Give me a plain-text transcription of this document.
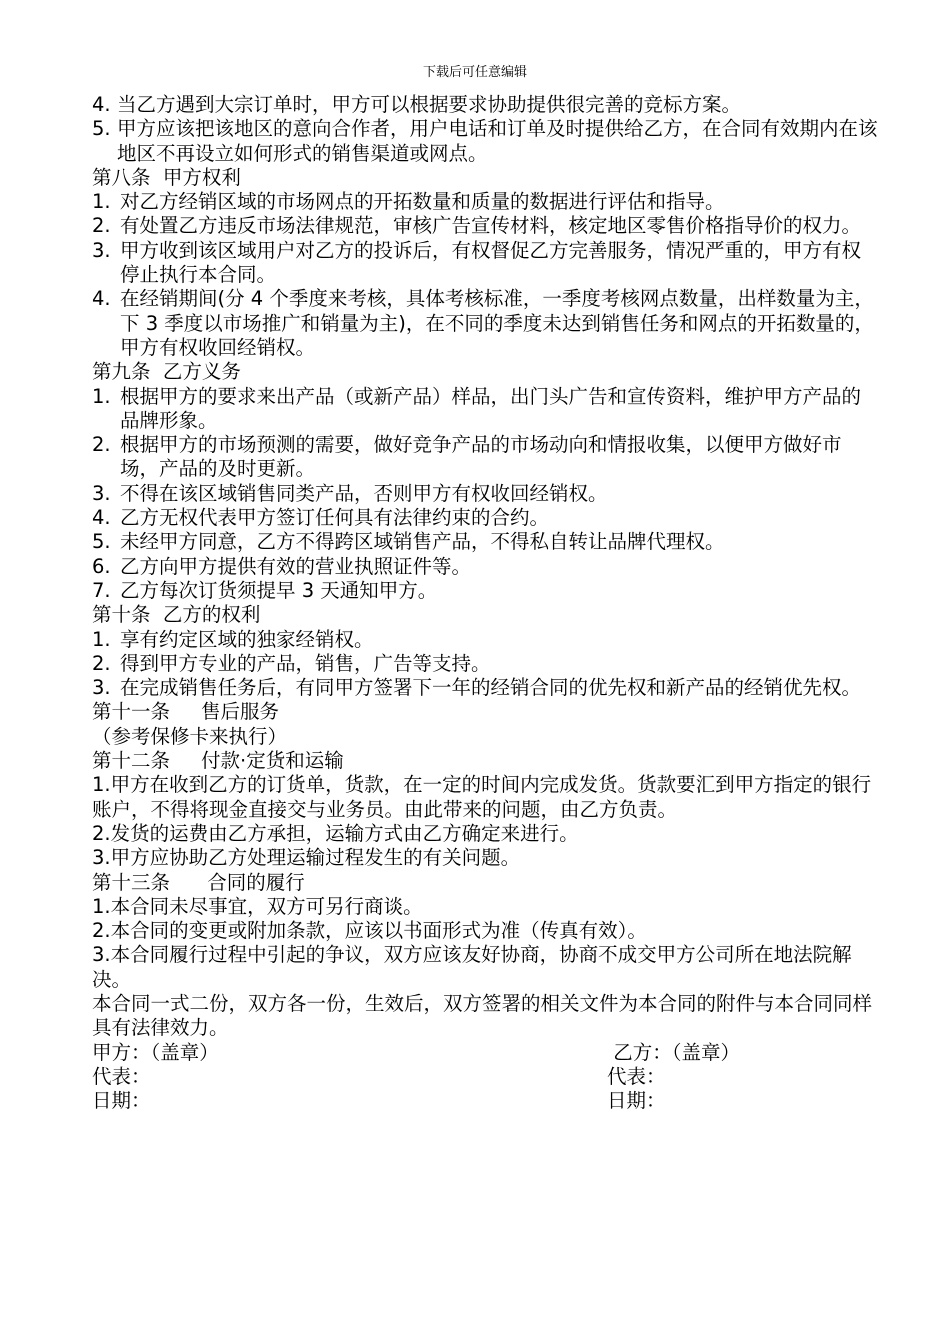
下载后可任意编辑
4. 当乙方遇到大宗订单时，甲方可以根据要求协助提供很完善的竞标方案。
5. 甲方应该把该地区的意向合作者，用户电话和订单及时提供给乙方，在合同有效期内在该地区不再设立如何形式的销售渠道或网点。
第八条  甲方权利
1. 对乙方经销区域的市场网点的开拓数量和质量的数据进行评估和指导。
2. 有处置乙方违反市场法律规范，审核广告宣传材料，核定地区零售价格指导价的权力。
3. 甲方收到该区域用户对乙方的投诉后，有权督促乙方完善服务，情况严重的，甲方有权停止执行本合同。
4. 在经销期间(分 4 个季度来考核，具体考核标准，一季度考核网点数量，出样数量为主，下 3 季度以市场推广和销量为主)，在不同的季度未达到销售任务和网点的开拓数量的，甲方有权收回经销权。
第九条  乙方义务
1. 根据甲方的要求来出产品（或新产品）样品，出门头广告和宣传资料，维护甲方产品的品牌形象。
2. 根据甲方的市场预测的需要，做好竞争产品的市场动向和情报收集，以便甲方做好市场，产品的及时更新。
3. 不得在该区域销售同类产品，否则甲方有权收回经销权。
4. 乙方无权代表甲方签订任何具有法律约束的合约。
5. 未经甲方同意，乙方不得跨区域销售产品，不得私自转让品牌代理权。
6. 乙方向甲方提供有效的营业执照证件等。
7. 乙方每次订货须提早 3 天通知甲方。
第十条  乙方的权利
1. 享有约定区域的独家经销权。
2. 得到甲方专业的产品，销售，广告等支持。
3. 在完成销售任务后，有同甲方签署下一年的经销合同的优先权和新产品的经销优先权。
第十一条     售后服务
（参考保修卡来执行）
第十二条     付款·定货和运输
1.甲方在收到乙方的订货单，货款，在一定的时间内完成发货。货款要汇到甲方指定的银行账户，不得将现金直接交与业务员。由此带来的问题，由乙方负责。
2.发货的运费由乙方承担，运输方式由乙方确定来进行。
3.甲方应协助乙方处理运输过程发生的有关问题。
第十三条      合同的履行
1.本合同未尽事宜，双方可另行商谈。
2.本合同的变更或附加条款，应该以书面形式为准（传真有效）。
3.本合同履行过程中引起的争议，双方应该友好协商，协商不成交甲方公司所在地法院解决。
本合同一式二份，双方各一份，生效后，双方签署的相关文件为本合同的附件与本合同同样具有法律效力。
甲方：（盖章）	乙方：（盖章）
代表：	代表：
日期：	日期：
